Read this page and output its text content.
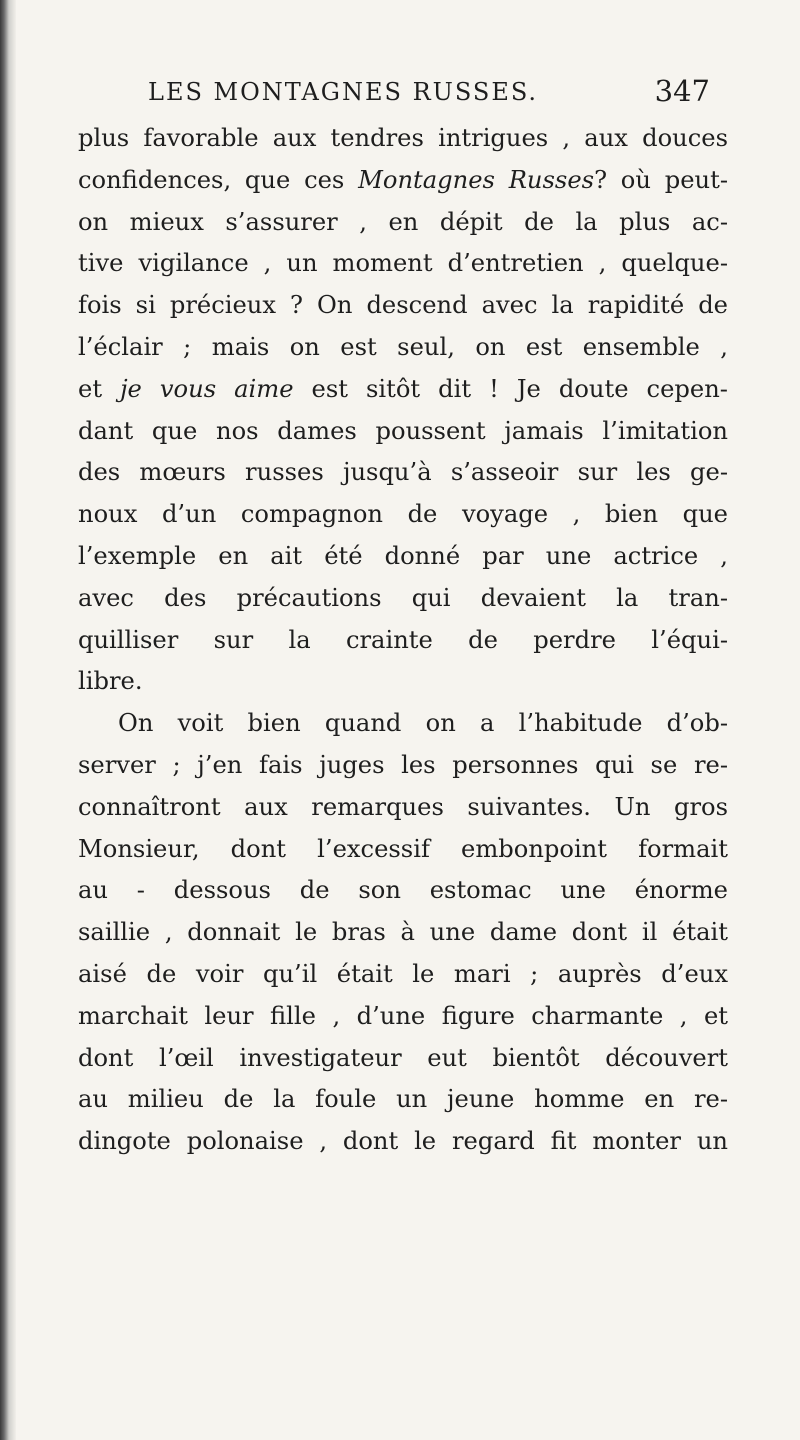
LES MONTAGNES RUSSES.	347
plus favorable aux tendres intrigues , aux douces
confidences, que ces Montagnes Russes? où peut-
on mieux s’assurer , en dépit de la plus ac-
tive vigilance , un moment d’entretien , quelque-
fois si précieux ? On descend avec la rapidité de
l’éclair ; mais on est seul, on est ensemble ,
et je vous aime est sitôt dit ! Je doute cepen-
dant que nos dames poussent jamais l’imitation
des mœurs russes jusqu’à s’asseoir sur les ge-
noux d’un compagnon de voyage , bien que
l’exemple en ait été donné par une actrice ,
avec des précautions qui devaient la tran-
quilliser sur la crainte de perdre l’équi-
libre.
On voit bien quand on a l’habitude d’ob-
server ; j’en fais juges les personnes qui se re-
connaîtront aux remarques suivantes. Un gros
Monsieur, dont l’excessif embonpoint formait
au - dessous de son estomac une énorme
saillie , donnait le bras à une dame dont il était
aisé de voir qu’il était le mari ; auprès d’eux
marchait leur fille , d’une figure charmante , et
dont l’œil investigateur eut bientôt découvert
au milieu de la foule un jeune homme en re-
dingote polonaise , dont le regard fit monter un
